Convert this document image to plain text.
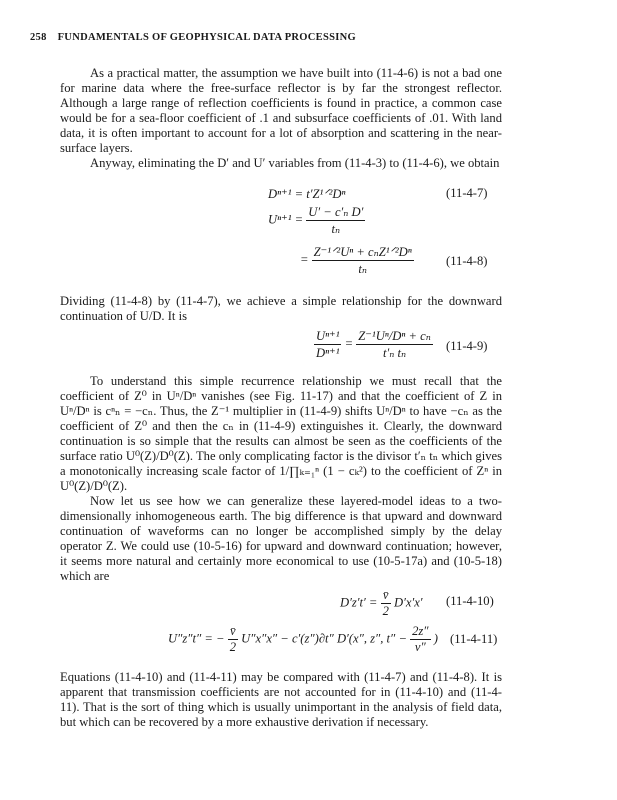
258 FUNDAMENTALS OF GEOPHYSICAL DATA PROCESSING

As a practical matter, the assumption we have built into (11-4-6) is not a bad one for marine data where the free-surface reflector is by far the strongest reflector. Although a large range of reflection coefficients is found in practice, a common case would be for a sea-floor coefficient of .1 and subsurface coefficients of .01. With land data, it is often important to account for a lot of absorption and scattering in the near-surface layers.

Anyway, eliminating the D′ and U′ variables from (11-4-3) to (11-4-6), we obtain

Dⁿ⁺¹ = t′Z¹ᐟ²Dⁿ	(11-4-7)
$U^{n+1} = \frac{\text{U′ − c′ₙ D′}}{\text{tₙ}}$
= $\frac{\text{Z⁻¹ᐟ²Uⁿ + cₙZ¹ᐟ²Dⁿ}}{\text{tₙ}}$	(11-4-8)

Dividing (11-4-8) by (11-4-7), we achieve a simple relationship for the downward continuation of U/D. It is

$\frac{\text{Uⁿ⁺¹}}{\text{Dⁿ⁺¹}} = \frac{\text{Z⁻¹Uⁿ/Dⁿ + cₙ}}{\text{t′ₙ tₙ}} (11-4-9)$

To understand this simple recurrence relationship we must recall that the coefficient of Z⁰ in Uⁿ/Dⁿ vanishes (see Fig. 11-17) and that the coefficient of Z in Uⁿ/Dⁿ is cⁿₙ = −cₙ. Thus, the Z⁻¹ multiplier in (11-4-9) shifts Uⁿ/Dⁿ to have −cₙ as the coefficient of Z⁰ and then the cₙ in (11-4-9) extinguishes it. Clearly, the downward continuation is so simple that the results can almost be seen as the coefficients of the surface ratio U⁰(Z)/D⁰(Z). The only complicating factor is the divisor t′ₙ tₙ which gives a monotonically increasing scale factor of 1/∏ₖ₌₁ⁿ (1 − cₖ²) to the coefficient of Zⁿ in U⁰(Z)/D⁰(Z).

Now let us see how we can generalize these layered-model ideas to a two-dimensionally inhomogeneous earth. The big difference is that upward and downward continuation of waveforms can no longer be accomplished simply by the delay operator Z. We could use (10-5-16) for upward and downward continuation; however, it seems more natural and certainly more economical to use (10-5-17a) and (10-5-18) which are

$D'z't' = \frac{v̄}{2} D'x'x'$ (11-4-10)
U″z″t″ = − $\frac{v̄}{2} U''x''x'' - c'(z'')\partial t''$ D′(x″, z″, $t'' - \frac{2z''}{v''}$ ) (11-4-11)

Equations (11-4-10) and (11-4-11) may be compared with (11-4-7) and (11-4-8). It is apparent that transmission coefficients are not accounted for in (11-4-10) and (11-4-11). That is the sort of thing which is usually unimportant in the analysis of field data, but which can be recovered by a more exhaustive derivation if necessary.
